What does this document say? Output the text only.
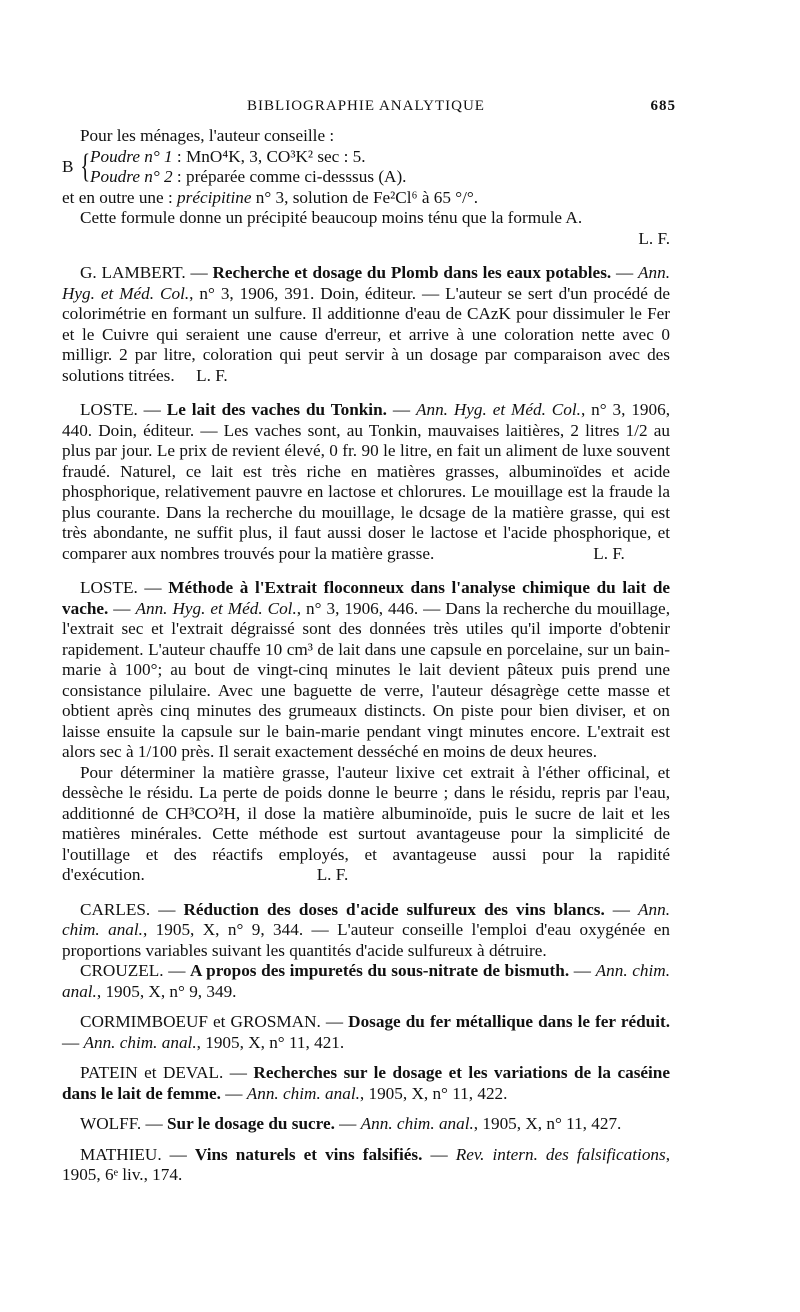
BIBLIOGRAPHIE ANALYTIQUE	685

Pour les ménages, l'auteur conseille :

B { Poudre n° 1 : MnO⁴K, 3, CO³K² sec : 5.
Poudre n° 2 : préparée comme ci-desssus (A).

et en outre une : précipitine n° 3, solution de Fe²Cl⁶ à 65 °/°.

Cette formule donne un précipité beaucoup moins ténu que la formule A.

L. F.

G. LAMBERT. — Recherche et dosage du Plomb dans les eaux potables. — Ann. Hyg. et Méd. Col., n° 3, 1906, 391. Doin, éditeur. — L'auteur se sert d'un procédé de colorimétrie en formant un sulfure. Il additionne d'eau de CAzK pour dissimuler le Fer et le Cuivre qui seraient une cause d'erreur, et arrive à une coloration nette avec 0 milligr. 2 par litre, coloration qui peut servir à un dosage par comparaison avec des solutions titrées. L. F.

LOSTE. — Le lait des vaches du Tonkin. — Ann. Hyg. et Méd. Col., n° 3, 1906, 440. Doin, éditeur. — Les vaches sont, au Tonkin, mauvaises laitières, 2 litres 1/2 au plus par jour. Le prix de revient élevé, 0 fr. 90 le litre, en fait un aliment de luxe souvent fraudé. Naturel, ce lait est très riche en matières grasses, albuminoïdes et acide phosphorique, relativement pauvre en lactose et chlorures. Le mouillage est la fraude la plus courante. Dans la recherche du mouillage, le dcsage de la matière grasse, qui est très abondante, ne suffit plus, il faut aussi doser le lactose et l'acide phosphorique, et comparer aux nombres trouvés pour la matière grasse.	L. F.

LOSTE. — Méthode à l'Extrait floconneux dans l'analyse chimique du lait de vache. — Ann. Hyg. et Méd. Col., n° 3, 1906, 446. — Dans la recherche du mouillage, l'extrait sec et l'extrait dégraissé sont des données très utiles qu'il importe d'obtenir rapidement. L'auteur chauffe 10 cm³ de lait dans une capsule en porcelaine, sur un bain-marie à 100°; au bout de vingt-cinq minutes le lait devient pâteux puis prend une consistance pilulaire. Avec une baguette de verre, l'auteur désagrège cette masse et obtient après cinq minutes des grumeaux distincts. On piste pour bien diviser, et on laisse ensuite la capsule sur le bain-marie pendant vingt minutes encore. L'extrait est alors sec à 1/100 près. Il serait exactement desséché en moins de deux heures.

Pour déterminer la matière grasse, l'auteur lixive cet extrait à l'éther officinal, et dessèche le résidu. La perte de poids donne le beurre ; dans le résidu, repris par l'eau, additionné de CH³CO²H, il dose la matière albuminoïde, puis le sucre de lait et les matières minérales. Cette méthode est surtout avantageuse pour la simplicité de l'outillage et des réactifs employés, et avantageuse aussi pour la rapidité d'exécution.	L. F.

CARLES. — Réduction des doses d'acide sulfureux des vins blancs. — Ann. chim. anal., 1905, X, n° 9, 344. — L'auteur conseille l'emploi d'eau oxygénée en proportions variables suivant les quantités d'acide sulfureux à détruire.

CROUZEL. — A propos des impuretés du sous-nitrate de bismuth. — Ann. chim. anal., 1905, X, n° 9, 349.

CORMIMBOEUF et GROSMAN. — Dosage du fer métallique dans le fer réduit. — Ann. chim. anal., 1905, X, n° 11, 421.

PATEIN et DEVAL. — Recherches sur le dosage et les variations de la caséine dans le lait de femme. — Ann. chim. anal., 1905, X, n° 11, 422.

WOLFF. — Sur le dosage du sucre. — Ann. chim. anal., 1905, X, n° 11, 427.

MATHIEU. — Vins naturels et vins falsifiés. — Rev. intern. des falsifications, 1905, 6ᵉ liv., 174.
